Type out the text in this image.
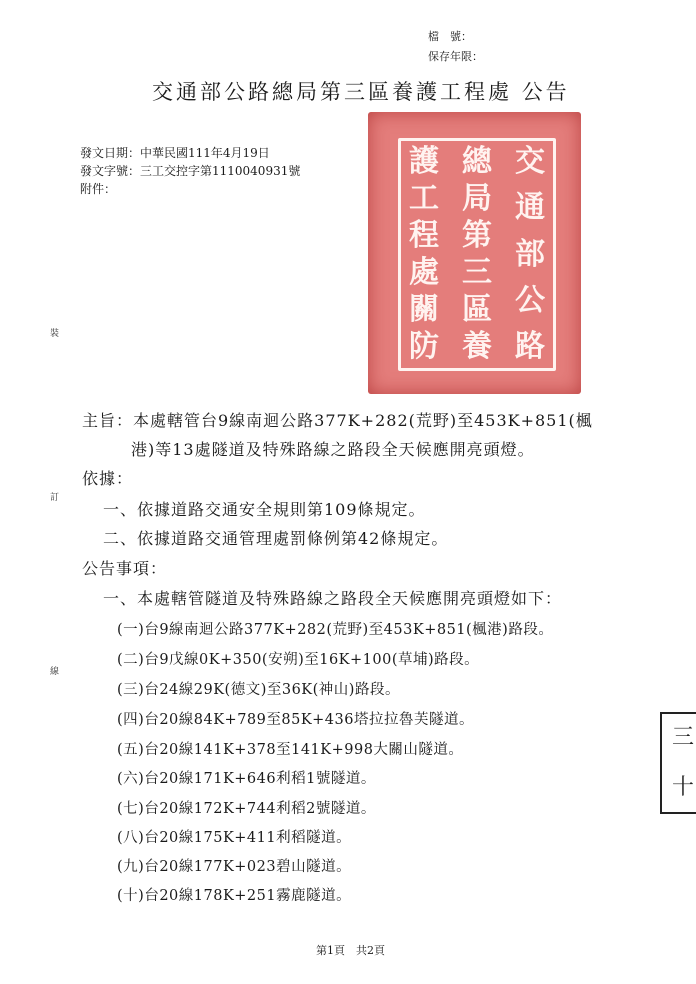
檔　號：
保存年限：
交通部公路總局第三區養護工程處 公告
發文日期：中華民國111年4月19日
發文字號：三工交控字第1110040931號
附件：
交
通
部
公
路
總
局
第
三
區
養
護
工
程
處
關
防
裝
訂
線
主旨：本處轄管台9線南迴公路377K+282(荒野)至453K+851(楓
港)等13處隧道及特殊路線之路段全天候應開亮頭燈。
依據：
一、依據道路交通安全規則第109條規定。
二、依據道路交通管理處罰條例第42條規定。
公告事項：
一、本處轄管隧道及特殊路線之路段全天候應開亮頭燈如下：
(一)台9線南迴公路377K+282(荒野)至453K+851(楓港)路段。
(二)台9戊線0K+350(安朔)至16K+100(草埔)路段。
(三)台24線29K(德文)至36K(神山)路段。
(四)台20線84K+789至85K+436塔拉拉魯芙隧道。
(五)台20線141K+378至141K+998大關山隧道。
(六)台20線171K+646利稻1號隧道。
(七)台20線172K+744利稻2號隧道。
(八)台20線175K+411利稻隧道。
(九)台20線177K+023碧山隧道。
(十)台20線178K+251霧鹿隧道。
三
十
第1頁　共2頁
